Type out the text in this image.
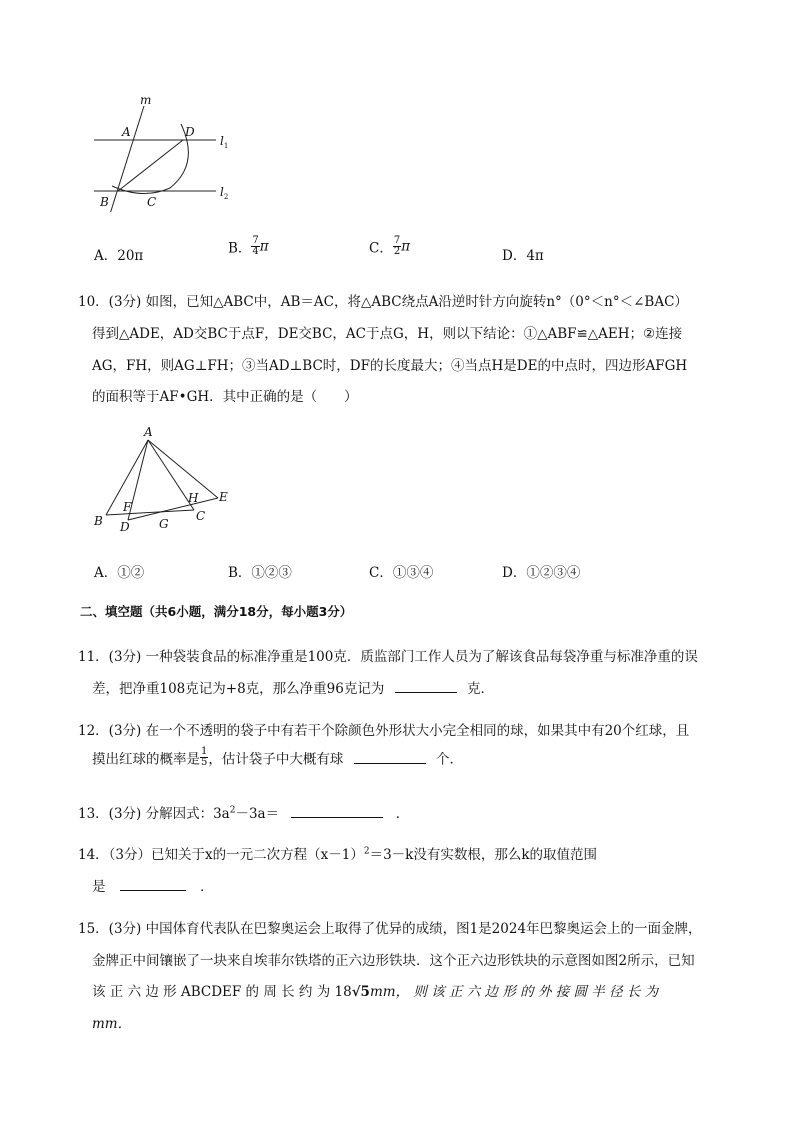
m
A	D
$l_1$
B	C
$l_2$
A．20π	B． $\frac{7}{4}$ π	C． $\frac{7}{2}$ π
D．4π
10．(3分) 如图，已知△ABC中，AB＝AC，将△ABC绕点A沿逆时针方向旋转n°（0°＜n°＜∠BAC）
得到△ADE，AD交BC于点F，DE交BC，AC于点G，H，则以下结论：①△ABF≌△AEH；②连接
AG，FH，则AG⊥FH；③当AD⊥BC时，DF的长度最大；④当点H是DE的中点时，四边形AFGH
的面积等于AF•GH．其中正确的是（　　）
A
F
H E
B D G
C
A．①②	B．①②③	C．①③④	D．①②③④
二、填空题（共6小题，满分18分，每小题3分）
11．(3分) 一种袋装食品的标准净重是100克．质监部门工作人员为了解该食品每袋净重与标准净重的误
差，把净重108克记为+8克，那么净重96克记为	克．
12．(3分) 在一个不透明的袋子中有若干个除颜色外形状大小完全相同的球，如果其中有20个红球，且
摸出红球的概率是 $\frac{1}{5}$ ，估计袋子中大概有球	个．
13．(3分) 分解因式：$3a^2-3a=$	．
14．（3分）已知关于x的一元二次方程$(x-1)^2=3-k$没有实数根，那么k的取值范围
是	．
15．(3分) 中国体育代表队在巴黎奥运会上取得了优异的成绩，图1是2024年巴黎奥运会上的一面金牌，
金牌正中间镶嵌了一块来自埃菲尔铁塔的正六边形铁块．这个正六边形铁块的示意图如图2所示，已知
该 正 六 边 形 ABCDEF 的 周 长 约 为 18√5mm， 则 该 正 六 边 形 的 外 接 圆 半 径 长 为
mm．
